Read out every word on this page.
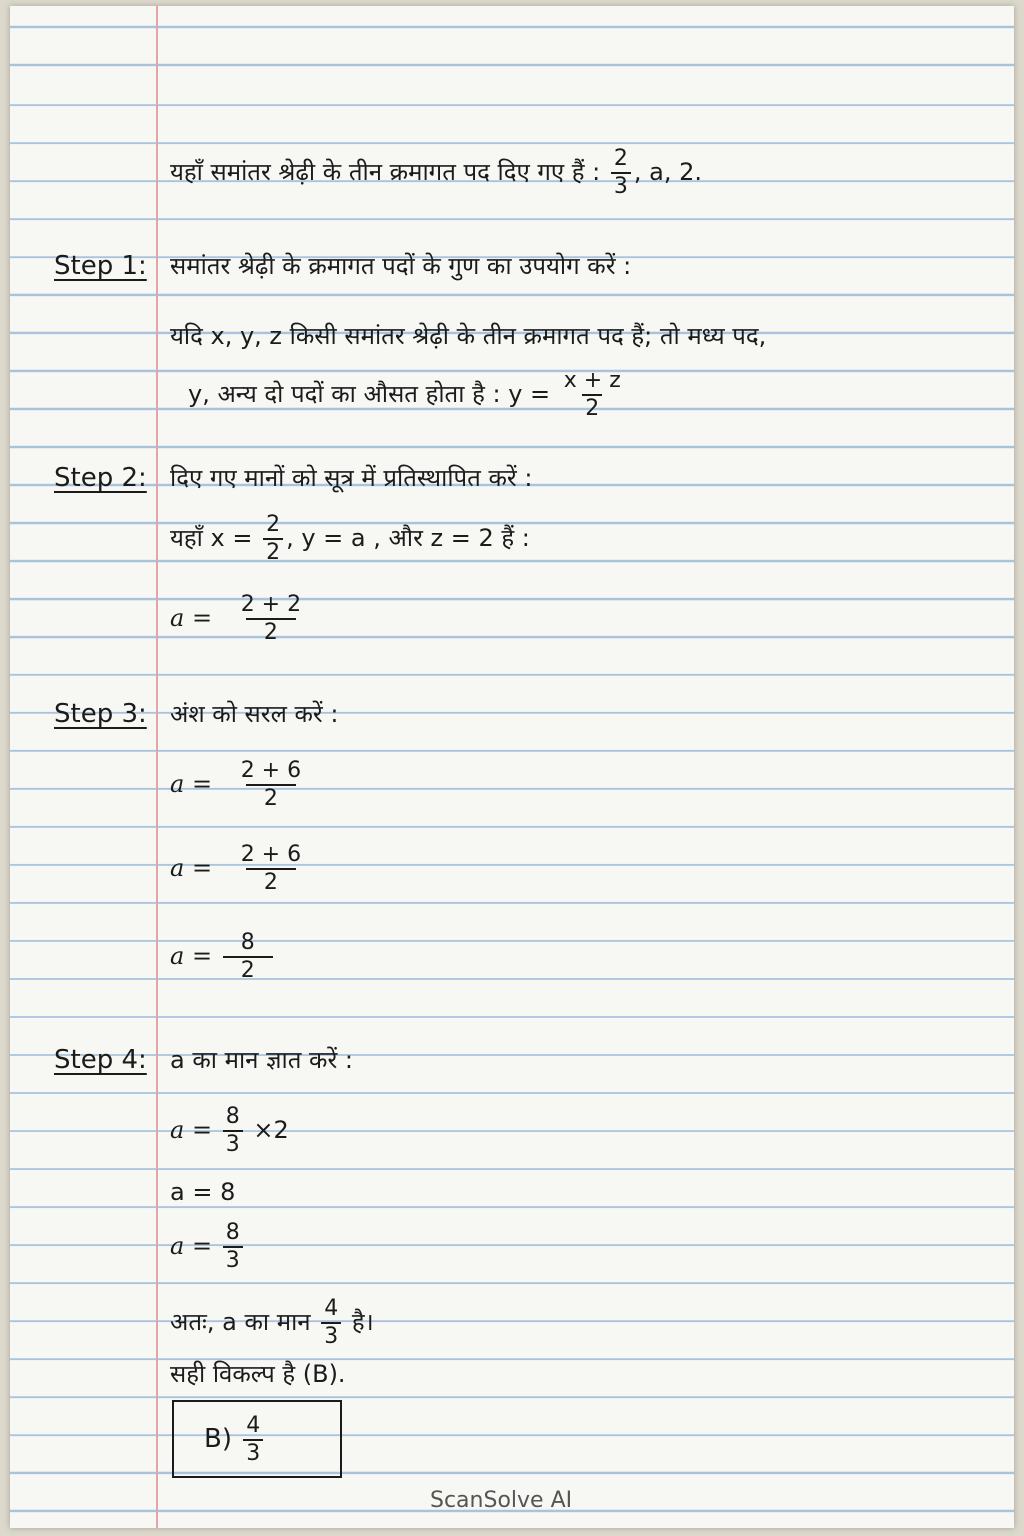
यहाँ समांतर श्रेढ़ी के तीन क्रमागत पद दिए गए हैं : $\frac{2}{3}$ , a, 2.
Step 1: समांतर श्रेढ़ी के क्रमागत पदों के गुण का उपयोग करें :
यदि x, y, z किसी समांतर श्रेढ़ी के तीन क्रमागत पद हैं; तो मध्य पद,
y, अन्य दो पदों का औसत होता है : $y = \frac{x + z}{2}$
Step 2: दिए गए मानों को सूत्र में प्रतिस्थापित करें :
यहाँ $x = \frac{2}{2}$ , y = a , और z = 2 हैं :
$a = \frac{2 + 2}{2}$
Step 3: अंश को सरल करें :
$a = \frac{2 + 6}{2}$
$a = \frac{2 + 6}{2}$
$a = \frac{8}{2}$
Step 4: a का मान ज्ञात करें :
$a = \frac{8}{3} \times 2$
a = 8
$a = \frac{8}{3}$
अतः, a का मान $\frac{4}{3}$ है।
सही विकल्प है (B).
$B) \frac{4}{3}$
ScanSolve AI
